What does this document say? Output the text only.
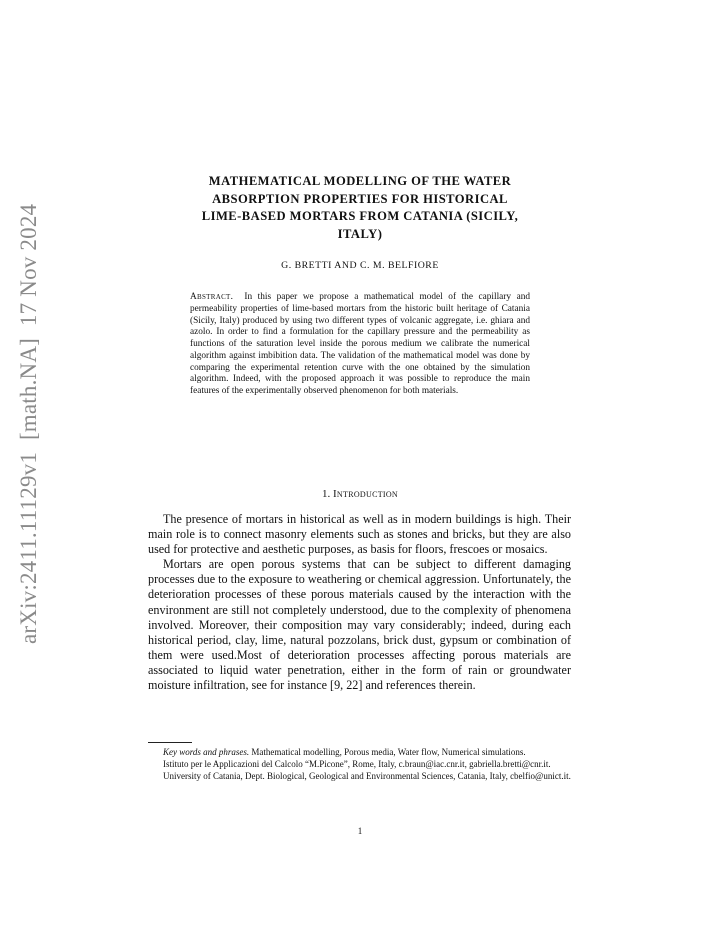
arXiv:2411.11129v1  [math.NA]  17 Nov 2024
MATHEMATICAL MODELLING OF THE WATER
ABSORPTION PROPERTIES FOR HISTORICAL
LIME-BASED MORTARS FROM CATANIA (SICILY,
ITALY)
G. BRETTI AND C. M. BELFIORE

Abstract. In this paper we propose a mathematical model of the capillary and permeability properties of lime-based mortars from the historic built heritage of Catania (Sicily, Italy) produced by using two different types of volcanic aggregate, i.e. ghiara and azolo. In order to find a formulation for the capillary pressure and the permeability as functions of the saturation level inside the porous medium we calibrate the numerical algorithm against imbibition data. The validation of the mathematical model was done by comparing the experimental retention curve with the one obtained by the simulation algorithm. Indeed, with the proposed approach it was possible to reproduce the main features of the experimentally observed phenomenon for both materials.

1. Introduction

The presence of mortars in historical as well as in modern buildings is high. Their main role is to connect masonry elements such as stones and bricks, but they are also used for protective and aesthetic purposes, as basis for floors, frescoes or mosaics.

Mortars are open porous systems that can be subject to different damaging processes due to the exposure to weathering or chemical aggression. Unfortunately, the deterioration processes of these porous materials caused by the interaction with the environment are still not completely understood, due to the complexity of phenomena involved. Moreover, their composition may vary considerably; indeed, during each historical period, clay, lime, natural pozzolans, brick dust, gypsum or combination of them were used.Most of deterioration processes affecting porous materials are associated to liquid water penetration, either in the form of rain or groundwater moisture infiltration, see for instance [9, 22] and references therein.

Key words and phrases. Mathematical modelling, Porous media, Water flow, Numerical simulations.

Istituto per le Applicazioni del Calcolo “M.Picone”, Rome, Italy, c.braun@iac.cnr.it, gabriella.bretti@cnr.it.

University of Catania, Dept. Biological, Geological and Environmental Sciences, Catania, Italy, cbelfio@unict.it.

1
